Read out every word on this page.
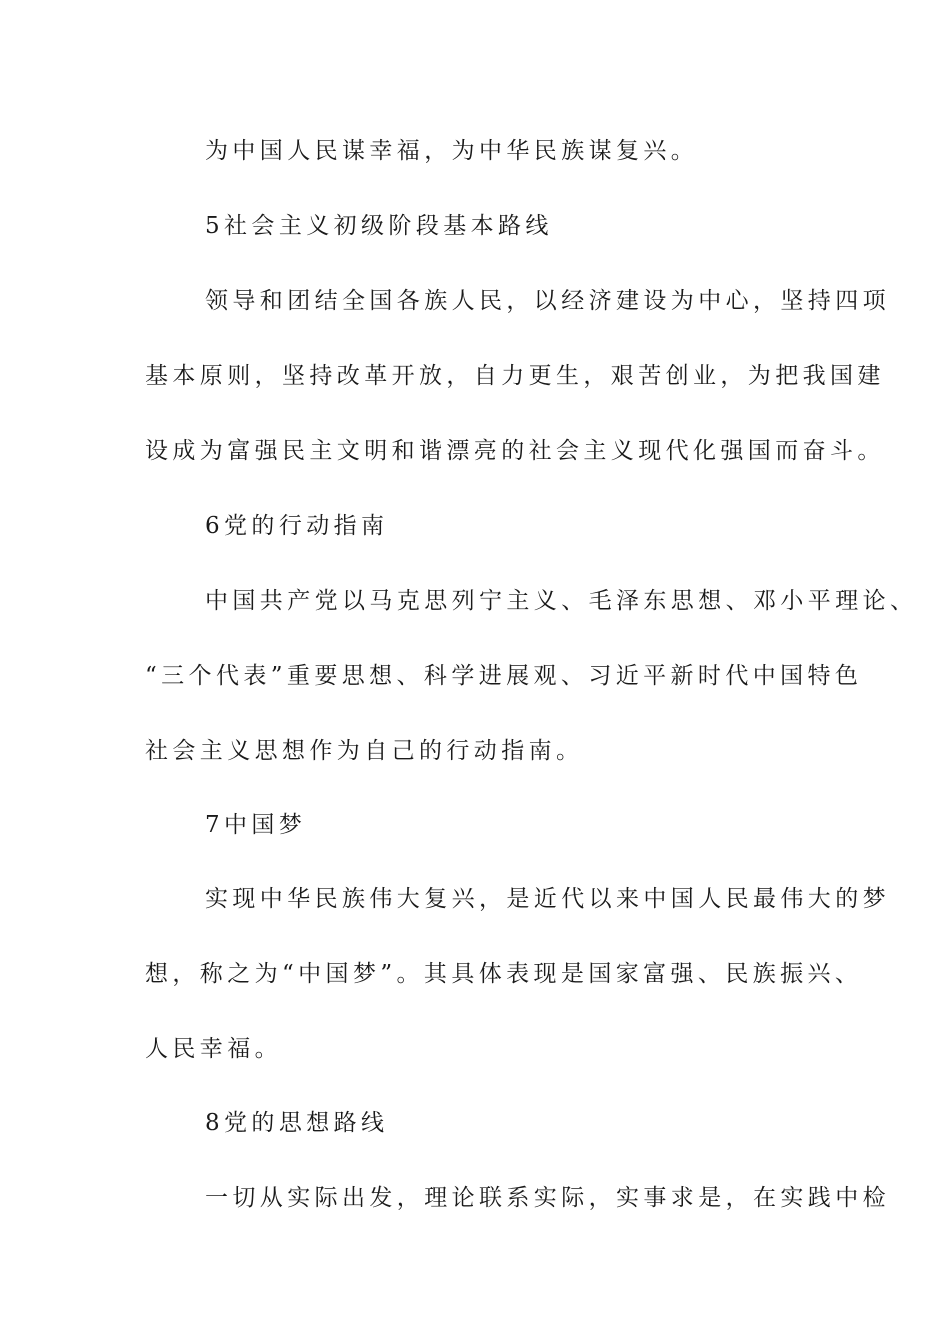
为中国人民谋幸福，为中华民族谋复兴。
5社会主义初级阶段基本路线
领导和团结全国各族人民，以经济建设为中心，坚持四项
基本原则，坚持改革开放，自力更生，艰苦创业，为把我国建
设成为富强民主文明和谐漂亮的社会主义现代化强国而奋斗。
6党的行动指南
中国共产党以马克思列宁主义、毛泽东思想、邓小平理论、
“三个代表”重要思想、科学进展观、习近平新时代中国特色
社会主义思想作为自己的行动指南。
7中国梦
实现中华民族伟大复兴，是近代以来中国人民最伟大的梦
想，称之为“中国梦”。其具体表现是国家富强、民族振兴、
人民幸福。
8党的思想路线
一切从实际出发，理论联系实际，实事求是，在实践中检
